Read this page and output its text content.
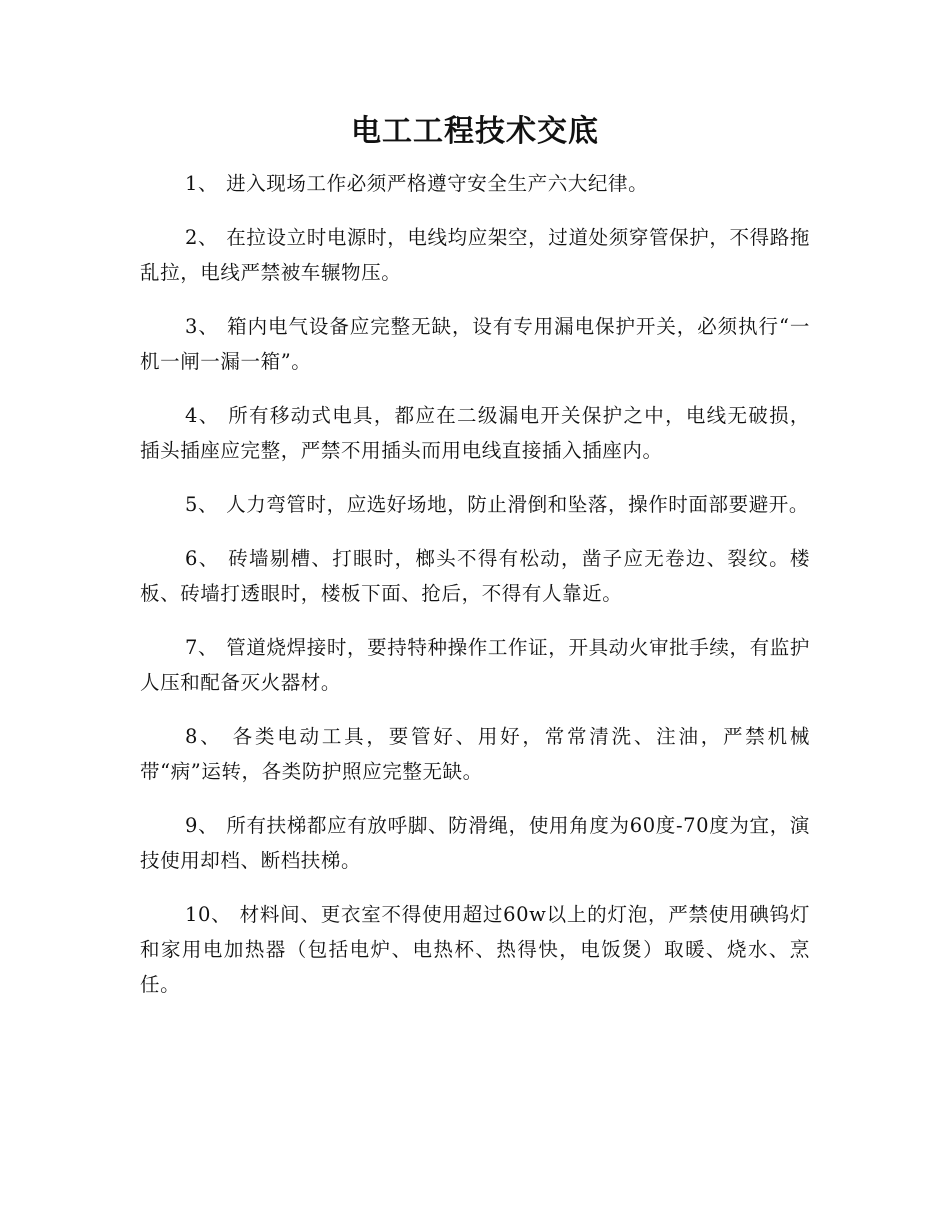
电工工程技术交底

1、 进入现场工作必须严格遵守安全生产六大纪律。

2、 在拉设立时电源时，电线均应架空，过道处须穿管保护，不得路拖乱拉，电线严禁被车辗物压。

3、 箱内电气设备应完整无缺，设有专用漏电保护开关，必须执行“一机一闸一漏一箱”。

4、 所有移动式电具，都应在二级漏电开关保护之中，电线无破损， 插头插座应完整，严禁不用插头而用电线直接插入插座内。

5、 人力弯管时，应选好场地，防止滑倒和坠落，操作时面部要避开。

6、 砖墙剔槽、打眼时，榔头不得有松动，凿子应无卷边、裂纹。楼板、砖墙打透眼时，楼板下面、抢后，不得有人靠近。

7、 管道烧焊接时，要持特种操作工作证，开具动火审批手续，有监护人压和配备灭火器材。

8、 各类电动工具，要管好、用好，常常清洗、注油，严禁机械带“病”运转，各类防护照应完整无缺。

9、 所有扶梯都应有放呼脚、防滑绳，使用角度为60度-70度为宜，演技使用却档、断档扶梯。

10、 材料间、更衣室不得使用超过60w以上的灯泡，严禁使用碘钨灯和家用电加热器（包括电炉、电热杯、热得快，电饭煲）取暖、烧水、烹任。
